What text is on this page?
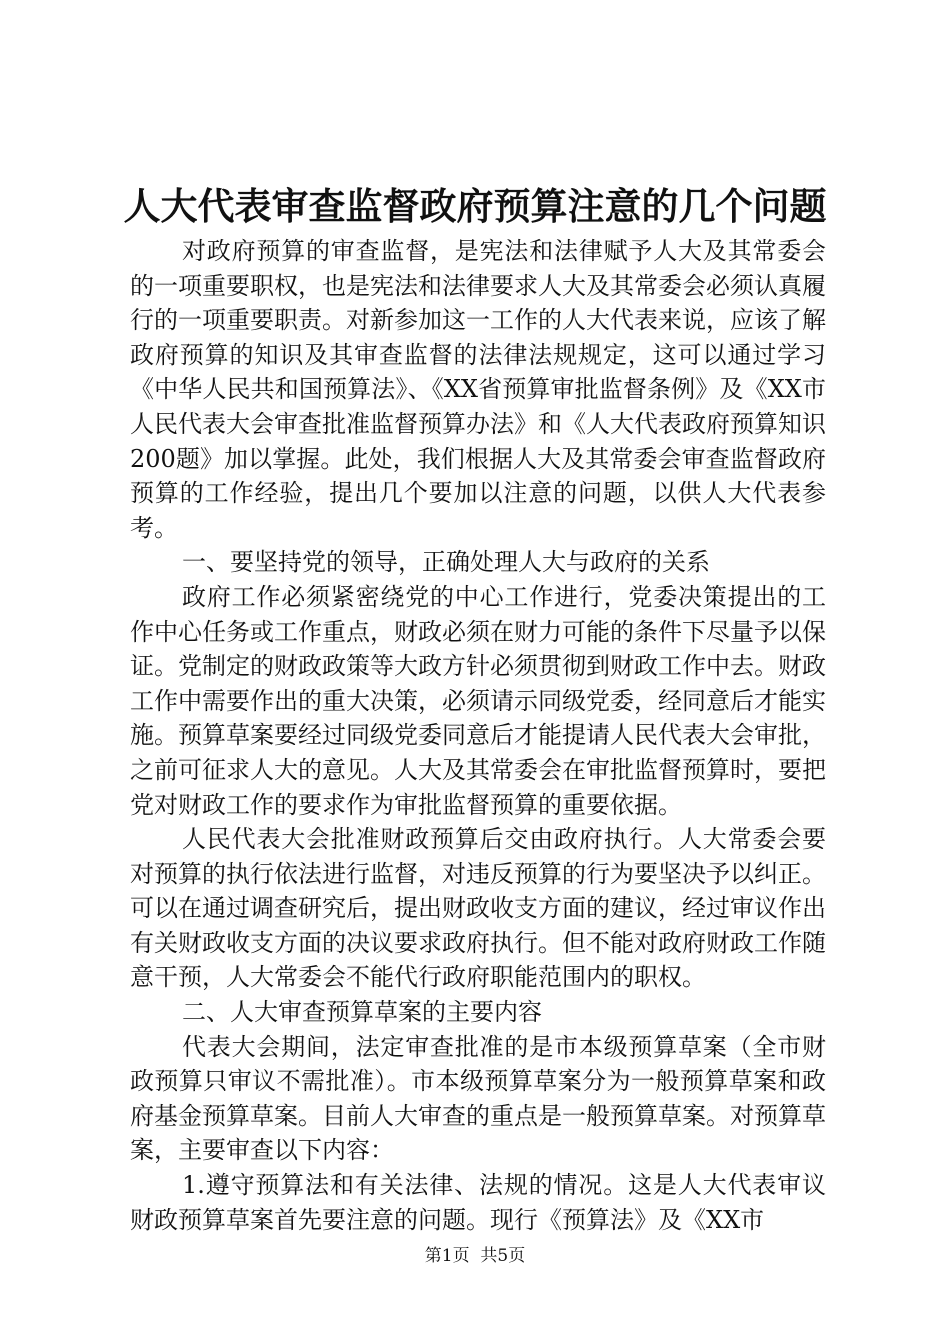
人大代表审查监督政府预算注意的几个问题

对政府预算的审查监督，是宪法和法律赋予人大及其常委会的一项重要职权，也是宪法和法律要求人大及其常委会必须认真履行的一项重要职责。对新参加这一工作的人大代表来说，应该了解政府预算的知识及其审查监督的法律法规规定，这可以通过学习《中华人民共和国预算法》、《XX省预算审批监督条例》及《XX市人民代表大会审查批准监督预算办法》和《人大代表政府预算知识200题》加以掌握。此处，我们根据人大及其常委会审查监督政府预算的工作经验，提出几个要加以注意的问题，以供人大代表参考。

一、要坚持党的领导，正确处理人大与政府的关系

政府工作必须紧密绕党的中心工作进行，党委决策提出的工作中心任务或工作重点，财政必须在财力可能的条件下尽量予以保证。党制定的财政政策等大政方针必须贯彻到财政工作中去。财政工作中需要作出的重大决策，必须请示同级党委，经同意后才能实施。预算草案要经过同级党委同意后才能提请人民代表大会审批，之前可征求人大的意见。人大及其常委会在审批监督预算时，要把党对财政工作的要求作为审批监督预算的重要依据。

人民代表大会批准财政预算后交由政府执行。人大常委会要对预算的执行依法进行监督，对违反预算的行为要坚决予以纠正。可以在通过调查研究后，提出财政收支方面的建议，经过审议作出有关财政收支方面的决议要求政府执行。但不能对政府财政工作随意干预，人大常委会不能代行政府职能范围内的职权。

二、人大审查预算草案的主要内容

代表大会期间，法定审查批准的是市本级预算草案（全市财政预算只审议不需批准）。市本级预算草案分为一般预算草案和政府基金预算草案。目前人大审查的重点是一般预算草案。对预算草案，主要审查以下内容：

1.遵守预算法和有关法律、法规的情况。这是人大代表审议财政预算草案首先要注意的问题。现行《预算法》及《XX市

第1页 共5页
